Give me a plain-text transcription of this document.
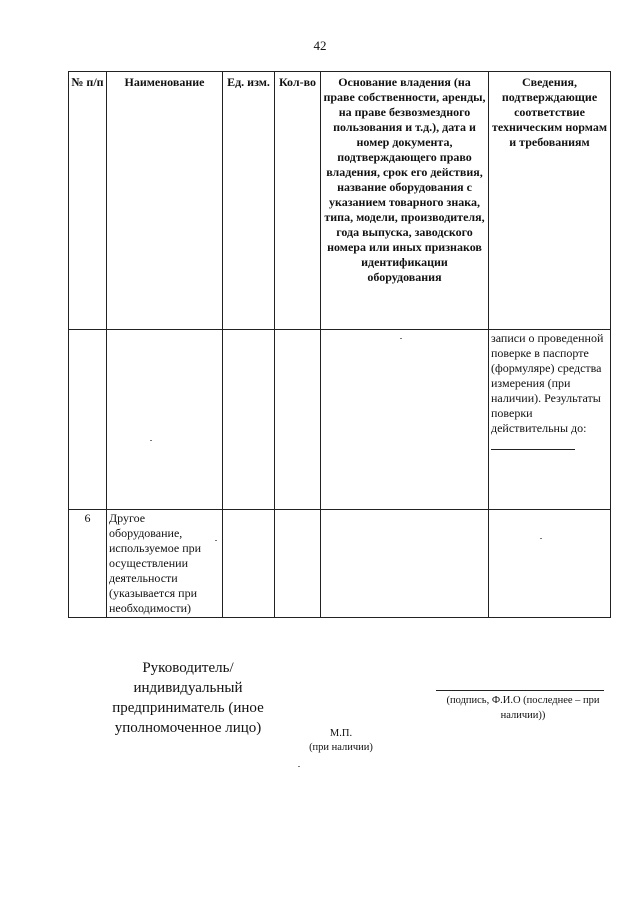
42
№ п/п	Наименование	Ед. изм.	Кол-во	Основание владения (на праве собственности, аренды, на праве безвозмездного пользования и т.д.), дата и номер документа, подтверждающего право владения, срок его действия, название оборудования с указанием товарного знака, типа, модели, производителя, года выпуска, заводского номера или иных признаков идентификации оборудования	Сведения, подтверждающие соответствие техническим нормам и требованиям
					записи о проведенной поверке в паспорте (формуляре) средства измерения (при наличии). Результаты поверки действительны до:

6	Другое оборудование, используемое при осуществлении деятельности (указывается при необходимости)				
Руководитель/ индивидуальный предприниматель (иное уполномоченное лицо)
(подпись, Ф.И.О (последнее – при наличии))
М.П.
(при наличии)
